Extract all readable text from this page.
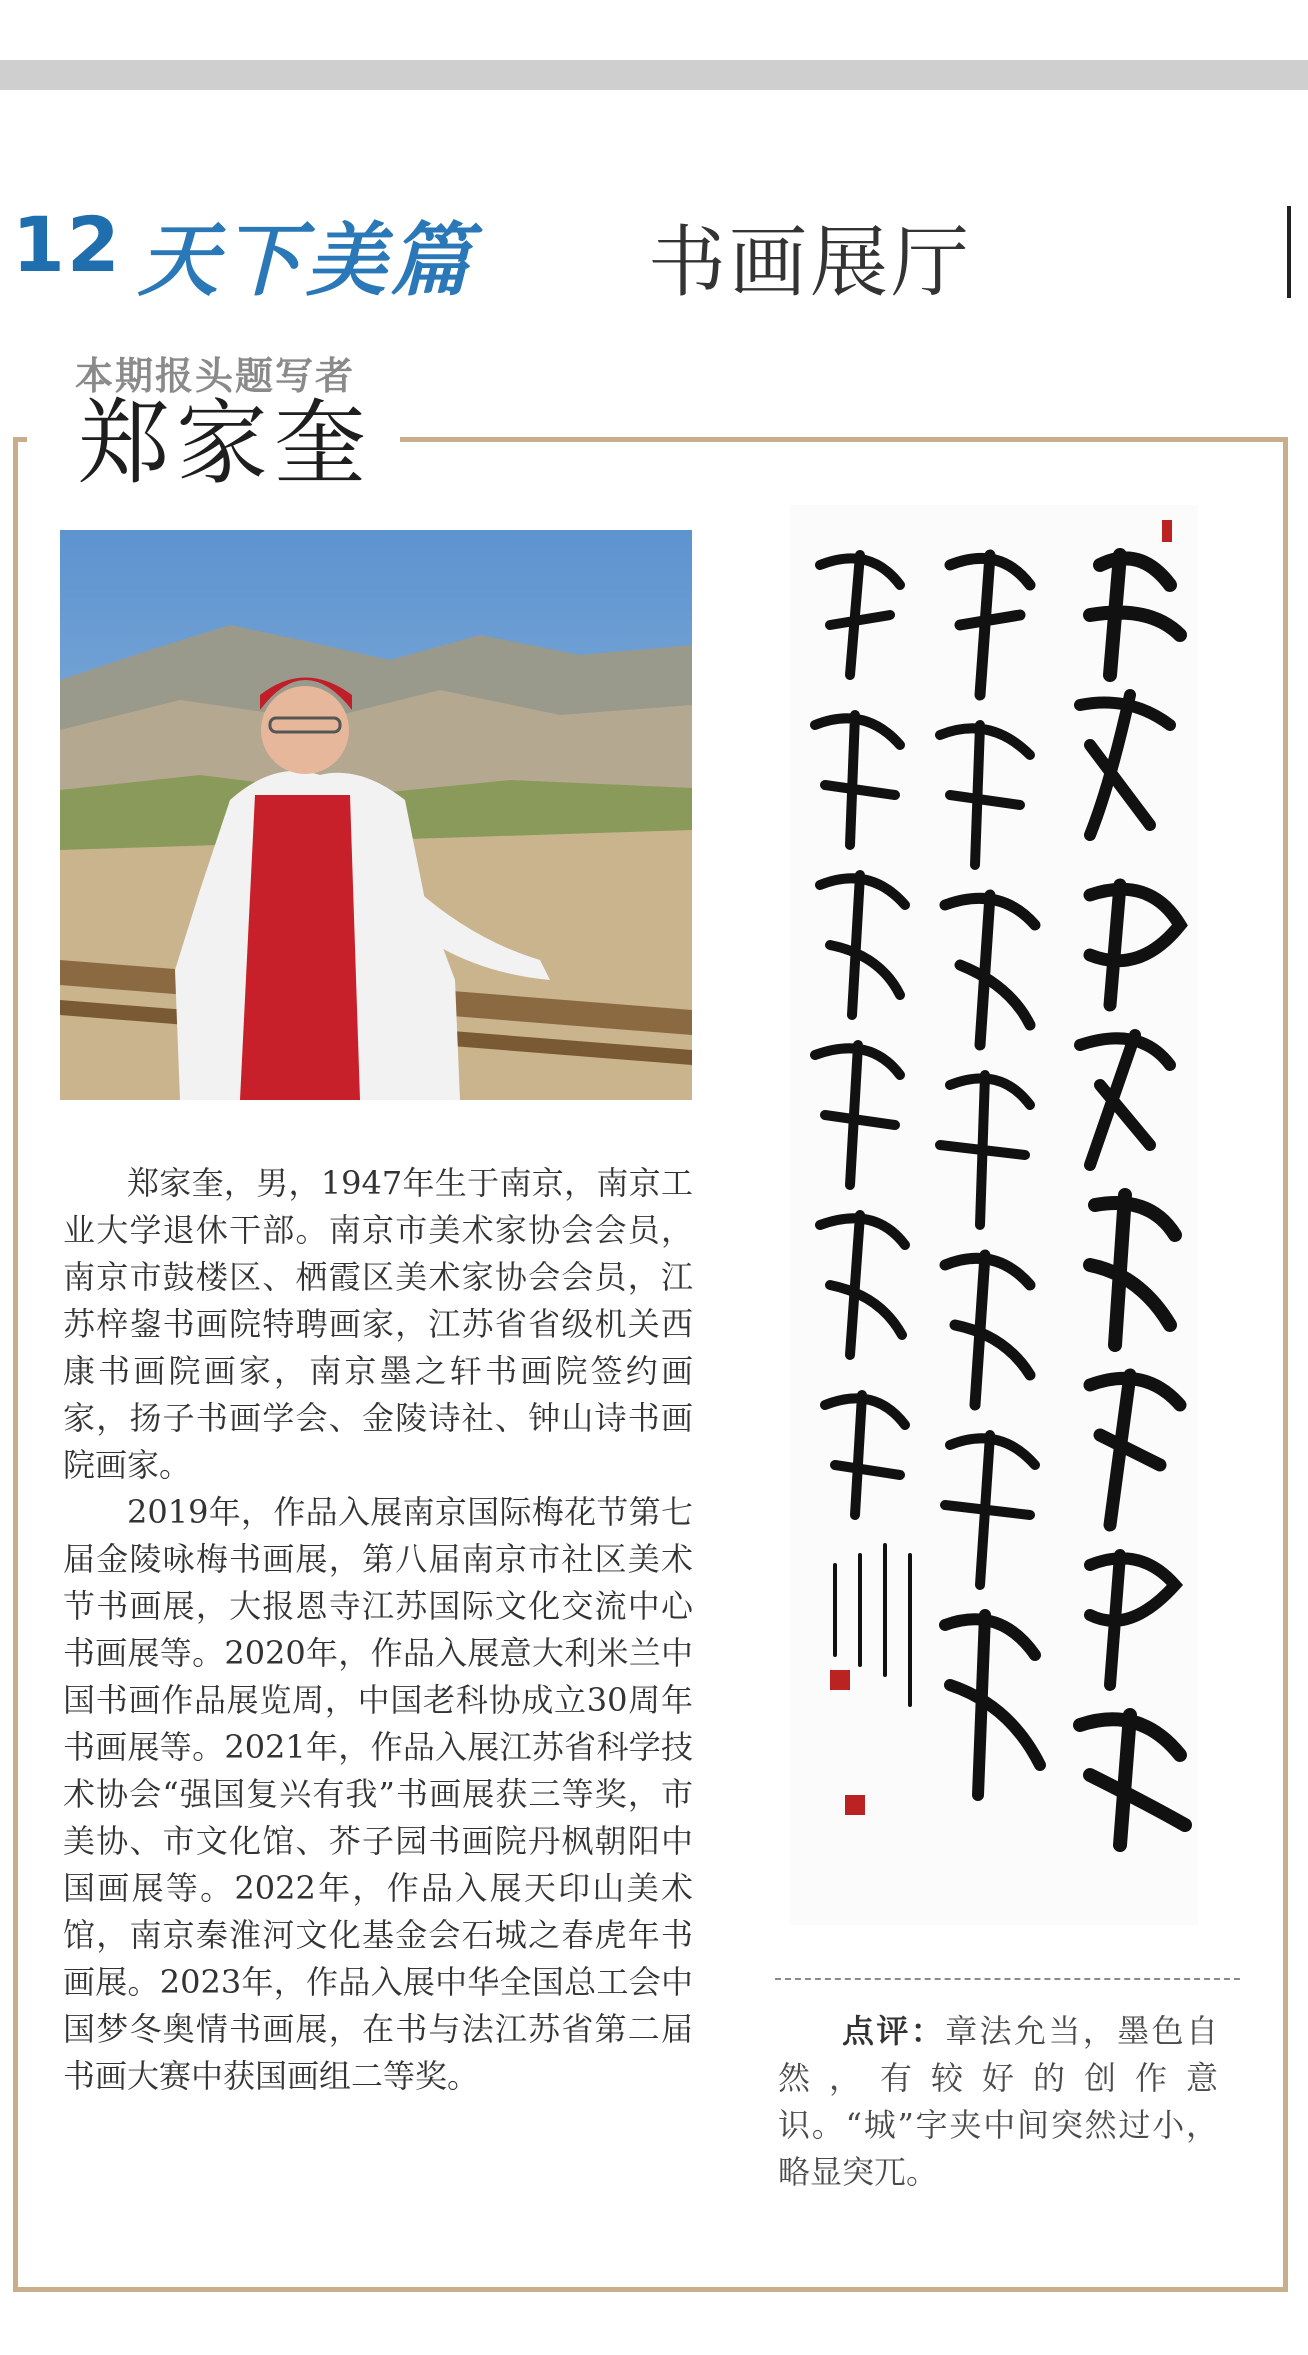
12 天下美篇 书画展厅
本期报头题写者
郑家奎

郑家奎，男，1947年生于南京，南京工业大学退休干部。南京市美术家协会会员，南京市鼓楼区、栖霞区美术家协会会员，江苏梓鋆书画院特聘画家，江苏省省级机关西康书画院画家，南京墨之轩书画院签约画家，扬子书画学会、金陵诗社、钟山诗书画院画家。

2019年，作品入展南京国际梅花节第七届金陵咏梅书画展，第八届南京市社区美术节书画展，大报恩寺江苏国际文化交流中心书画展等。2020年，作品入展意大利米兰中国书画作品展览周，中国老科协成立30周年书画展等。2021年，作品入展江苏省科学技术协会“强国复兴有我”书画展获三等奖，市美协、市文化馆、芥子园书画院丹枫朝阳中国画展等。2022年，作品入展天印山美术馆，南京秦淮河文化基金会石城之春虎年书画展。2023年，作品入展中华全国总工会中国梦冬奥情书画展，在书与法江苏省第二届书画大赛中获国画组二等奖。

点评：章法允当，墨色自然，有较好的创作意识。“城”字夹中间突然过小，略显突兀。
